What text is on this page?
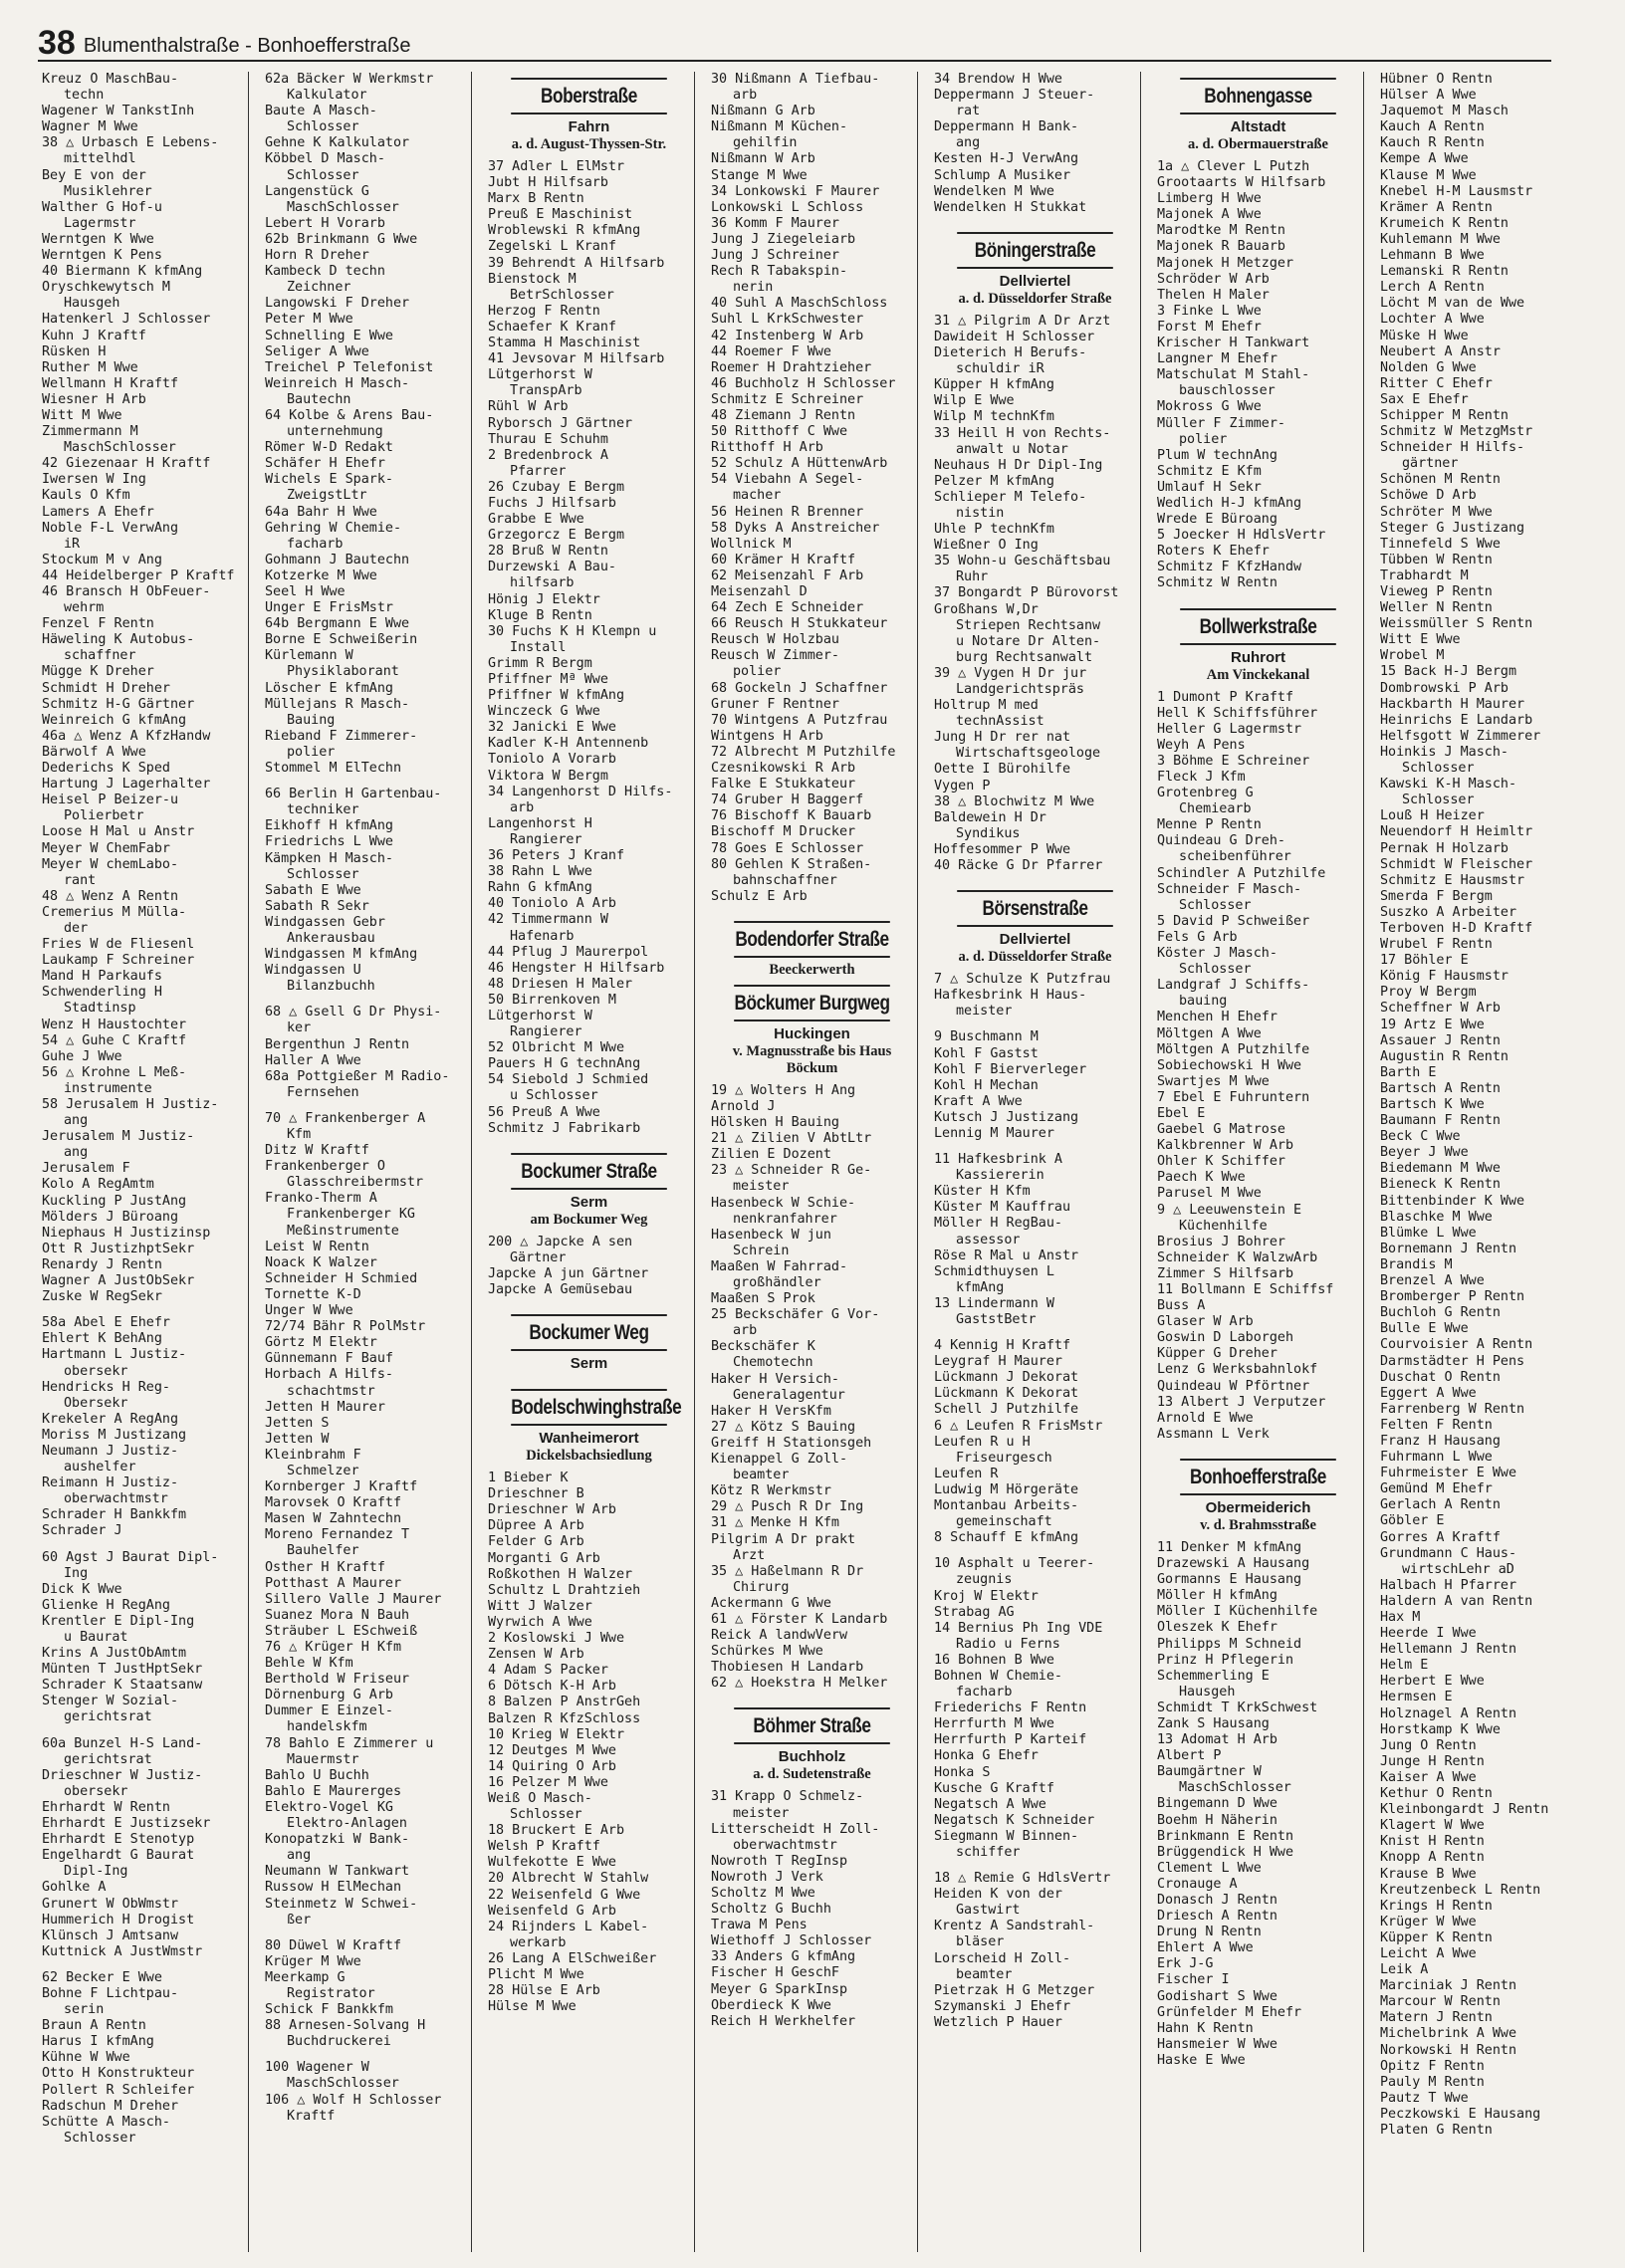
38 Blumenthalstraße - Bonhoefferstraße
Kreuz O MaschBau-
techn
Wagener W TankstInh
Wagner M Wwe
38 △ Urbasch E Lebens-
mittelhdl
Bey E von der
Musiklehrer
Walther G Hof-u
Lagermstr
Werntgen K Wwe
Werntgen K Pens
40 Biermann K kfmAng
Oryschkewytsch M
Hausgeh
Hatenkerl J Schlosser
Kuhn J Kraftf
Rüsken H
Ruther M Wwe
Wellmann H Kraftf
Wiesner H Arb
Witt M Wwe
Zimmermann M
MaschSchlosser
42 Giezenaar H Kraftf
Iwersen W Ing
Kauls O Kfm
Lamers A Ehefr
Noble F-L VerwAng
iR
Stockum M v Ang
44 Heidelberger P Kraftf
46 Bransch H ObFeuer-
wehrm
Fenzel F Rentn
Häweling K Autobus-
schaffner
Mügge K Dreher
Schmidt H Dreher
Schmitz H-G Gärtner
Weinreich G kfmAng
46a △ Wenz A KfzHandw
Bärwolf A Wwe
Dederichs K Sped
Hartung J Lagerhalter
Heisel P Beizer-u
Polierbetr
Loose H Mal u Anstr
Meyer W ChemFabr
Meyer W chemLabo-
rant
48 △ Wenz A Rentn
Cremerius M Mülla-
der
Fries W de Fliesenl
Laukamp F Schreiner
Mand H Parkaufs
Schwenderling H
Stadtinsp
Wenz H Haustochter
54 △ Guhe C Kraftf
Guhe J Wwe
56 △ Krohne L Meß-
instrumente
58 Jerusalem H Justiz-
ang
Jerusalem M Justiz-
ang
Jerusalem F
Kolo A RegAmtm
Kuckling P JustAng
Mölders J Büroang
Niephaus H Justizinsp
Ott R JustizhptSekr
Renardy J Rentn
Wagner A JustObSekr
Zuske W RegSekr
58a Abel E Ehefr
Ehlert K BehAng
Hartmann L Justiz-
obersekr
Hendricks H Reg-
Obersekr
Krekeler A RegAng
Moriss M Justizang
Neumann J Justiz-
aushelfer
Reimann H Justiz-
oberwachtmstr
Schrader H Bankkfm
Schrader J
60 Agst J Baurat Dipl-
Ing
Dick K Wwe
Glienke H RegAng
Krentler E Dipl-Ing
u Baurat
Krins A JustObAmtm
Münten T JustHptSekr
Schrader K Staatsanw
Stenger W Sozial-
gerichtsrat
60a Bunzel H-S Land-
gerichtsrat
Drieschner W Justiz-
obersekr
Ehrhardt W Rentn
Ehrhardt E Justizsekr
Ehrhardt E Stenotyp
Engelhardt G Baurat
Dipl-Ing
Gohlke A
Grunert W ObWmstr
Hummerich H Drogist
Klünsch J Amtsanw
Kuttnick A JustWmstr
62 Becker E Wwe
Bohne F Lichtpau-
serin
Braun A Rentn
Harus I kfmAng
Kühne W Wwe
Otto H Konstrukteur
Pollert R Schleifer
Radschun M Dreher
Schütte A Masch-
Schlosser
62a Bäcker W Werkmstr
Kalkulator
Baute A Masch-
Schlosser
Gehne K Kalkulator
Köbbel D Masch-
Schlosser
Langenstück G
MaschSchlosser
Lebert H Vorarb
62b Brinkmann G Wwe
Horn R Dreher
Kambeck D techn
Zeichner
Langowski F Dreher
Peter M Wwe
Schnelling E Wwe
Seliger A Wwe
Treichel P Telefonist
Weinreich H Masch-
Bautechn
64 Kolbe & Arens Bau-
unternehmung
Römer W-D Redakt
Schäfer H Ehefr
Wichels E Spark-
ZweigstLtr
64a Bahr H Wwe
Gehring W Chemie-
facharb
Gohmann J Bautechn
Kotzerke M Wwe
Seel H Wwe
Unger E FrisMstr
64b Bergmann E Wwe
Borne E Schweißerin
Kürlemann W
Physiklaborant
Löscher E kfmAng
Müllejans R Masch-
Bauing
Rieband F Zimmerer-
polier
Stommel M ElTechn
66 Berlin H Gartenbau-
techniker
Eikhoff H kfmAng
Friedrichs L Wwe
Kämpken H Masch-
Schlosser
Sabath E Wwe
Sabath R Sekr
Windgassen Gebr
Ankerausbau
Windgassen M kfmAng
Windgassen U
Bilanzbuchh
68 △ Gsell G Dr Physi-
ker
Bergenthun J Rentn
Haller A Wwe
68a Pottgießer M Radio-
Fernsehen
70 △ Frankenberger A
Kfm
Ditz W Kraftf
Frankenberger O
Glasschreibermstr
Franko-Therm A
Frankenberger KG
Meßinstrumente
Leist W Rentn
Noack K Walzer
Schneider H Schmied
Tornette K-D
Unger W Wwe
72/74 Bähr R PolMstr
Görtz M Elektr
Günnemann F Bauf
Horbach A Hilfs-
schachtmstr
Jetten H Maurer
Jetten S
Jetten W
Kleinbrahm F
Schmelzer
Kornberger J Kraftf
Marovsek O Kraftf
Masen W Zahntechn
Moreno Fernandez T
Bauhelfer
Osther H Kraftf
Potthast A Maurer
Sillero Valle J Maurer
Suanez Mora N Bauh
Sträuber L ESchweiß
76 △ Krüger H Kfm
Behle W Kfm
Berthold W Friseur
Dörnenburg G Arb
Dummer E Einzel-
handelskfm
78 Bahlo E Zimmerer u
Mauermstr
Bahlo U Buchh
Bahlo E Maurerges
Elektro-Vogel KG
Elektro-Anlagen
Konopatzki W Bank-
ang
Neumann W Tankwart
Russow H ElMechan
Steinmetz W Schwei-
ßer
80 Düwel W Kraftf
Krüger M Wwe
Meerkamp G
Registrator
Schick F Bankkfm
88 Arnesen-Solvang H
Buchdruckerei
100 Wagener W
MaschSchlosser
106 △ Wolf H Schlosser
Kraftf
Boberstraße
Fahrn
a. d. August-Thyssen-Str.
37 Adler L ElMstr
Jubt H Hilfsarb
Marx B Rentn
Preuß E Maschinist
Wroblewski R kfmAng
Zegelski L Kranf
39 Behrendt A Hilfsarb
Bienstock M
BetrSchlosser
Herzog F Rentn
Schaefer K Kranf
Stamma H Maschinist
41 Jevsovar M Hilfsarb
Lütgerhorst W
TranspArb
Rühl W Arb
Ryborsch J Gärtner
Thurau E Schuhm
2 Bredenbrock A
Pfarrer
26 Czubay E Bergm
Fuchs J Hilfsarb
Grabbe E Wwe
Grzegorcz E Bergm
28 Bruß W Rentn
Durzewski A Bau-
hilfsarb
Hönig J Elektr
Kluge B Rentn
30 Fuchs K H Klempn u
Install
Grimm R Bergm
Pfiffner Mª Wwe
Pfiffner W kfmAng
Winczeck G Wwe
32 Janicki E Wwe
Kadler K-H Antennenb
Toniolo A Vorarb
Viktora W Bergm
34 Langenhorst D Hilfs-
arb
Langenhorst H
Rangierer
36 Peters J Kranf
38 Rahn L Wwe
Rahn G kfmAng
40 Toniolo A Arb
42 Timmermann W
Hafenarb
44 Pflug J Maurerpol
46 Hengster H Hilfsarb
48 Driesen H Maler
50 Birrenkoven M
Lütgerhorst W
Rangierer
52 Olbricht M Wwe
Pauers H G technAng
54 Siebold J Schmied
u Schlosser
56 Preuß A Wwe
Schmitz J Fabrikarb
Bockumer Straße
Serm
am Bockumer Weg
200 △ Japcke A sen
Gärtner
Japcke A jun Gärtner
Japcke A Gemüsebau
Bockumer Weg
Serm
Bodelschwinghstraße
Wanheimerort
Dickelsbachsiedlung
1 Bieber K
Drieschner B
Drieschner W Arb
Düpree A Arb
Felder G Arb
Morganti G Arb
Roßkothen H Walzer
Schultz L Drahtzieh
Witt J Walzer
Wyrwich A Wwe
2 Koslowski J Wwe
Zensen W Arb
4 Adam S Packer
6 Dötsch K-H Arb
8 Balzen P AnstrGeh
Balzen R KfzSchloss
10 Krieg W Elektr
12 Deutges M Wwe
14 Quiring O Arb
16 Pelzer M Wwe
Weiß O Masch-
Schlosser
18 Bruckert E Arb
Welsh P Kraftf
Wulfekotte E Wwe
20 Albrecht W Stahlw
22 Weisenfeld G Wwe
Weisenfeld G Arb
24 Rijnders L Kabel-
werkarb
26 Lang A ElSchweißer
Plicht M Wwe
28 Hülse E Arb
Hülse M Wwe
30 Nißmann A Tiefbau-
arb
Nißmann G Arb
Nißmann M Küchen-
gehilfin
Nißmann W Arb
Stange M Wwe
34 Lonkowski F Maurer
Lonkowski L Schloss
36 Komm F Maurer
Jung J Ziegeleiarb
Jung J Schreiner
Rech R Tabakspin-
nerin
40 Suhl A MaschSchloss
Suhl L KrkSchwester
42 Instenberg W Arb
44 Roemer F Wwe
Roemer H Drahtzieher
46 Buchholz H Schlosser
Schmitz E Schreiner
48 Ziemann J Rentn
50 Ritthoff C Wwe
Ritthoff H Arb
52 Schulz A HüttenwArb
54 Viebahn A Segel-
macher
56 Heinen R Brenner
58 Dyks A Anstreicher
Wollnick M
60 Krämer H Kraftf
62 Meisenzahl F Arb
Meisenzahl D
64 Zech E Schneider
66 Reusch H Stukkateur
Reusch W Holzbau
Reusch W Zimmer-
polier
68 Gockeln J Schaffner
Gruner F Rentner
70 Wintgens A Putzfrau
Wintgens H Arb
72 Albrecht M Putzhilfe
Czesnikowski R Arb
Falke E Stukkateur
74 Gruber H Baggerf
76 Bischoff K Bauarb
Bischoff M Drucker
78 Goes E Schlosser
80 Gehlen K Straßen-
bahnschaffner
Schulz E Arb
Bodendorfer Straße
Beeckerwerth
Böckumer Burgweg
Huckingen
v. Magnusstraße bis Haus Böckum
19 △ Wolters H Ang
Arnold J
Hölsken H Bauing
21 △ Zilien V AbtLtr
Zilien E Dozent
23 △ Schneider R Ge-
meister
Hasenbeck W Schie-
nenkranfahrer
Hasenbeck W jun
Schrein
Maaßen W Fahrrad-
großhändler
Maaßen S Prok
25 Beckschäfer G Vor-
arb
Beckschäfer K
Chemotechn
Haker H Versich-
Generalagentur
Haker H VersKfm
27 △ Kötz S Bauing
Greiff H Stationsgeh
Kienappel G Zoll-
beamter
Kötz R Werkmstr
29 △ Pusch R Dr Ing
31 △ Menke H Kfm
Pilgrim A Dr prakt
Arzt
35 △ Haßelmann R Dr
Chirurg
Ackermann G Wwe
61 △ Förster K Landarb
Reick A landwVerw
Schürkes M Wwe
Thobiesen H Landarb
62 △ Hoekstra H Melker
Böhmer Straße
Buchholz
a. d. Sudetenstraße
31 Krapp O Schmelz-
meister
Litterscheidt H Zoll-
oberwachtmstr
Nowroth T RegInsp
Nowroth J Verk
Scholtz M Wwe
Scholtz G Buchh
Trawa M Pens
Wiethoff J Schlosser
33 Anders G kfmAng
Fischer H GeschF
Meyer G SparkInsp
Oberdieck K Wwe
Reich H Werkhelfer
34 Brendow H Wwe
Deppermann J Steuer-
rat
Deppermann H Bank-
ang
Kesten H-J VerwAng
Schlump A Musiker
Wendelken M Wwe
Wendelken H Stukkat
Böningerstraße
Dellviertel
a. d. Düsseldorfer Straße
31 △ Pilgrim A Dr Arzt
Dawideit H Schlosser
Dieterich H Berufs-
schuldir iR
Küpper H kfmAng
Wilp E Wwe
Wilp M technKfm
33 Heill H von Rechts-
anwalt u Notar
Neuhaus H Dr Dipl-Ing
Pelzer M kfmAng
Schlieper M Telefo-
nistin
Uhle P technKfm
Wießner O Ing
35 Wohn-u Geschäftsbau
Ruhr
37 Bongardt P Bürovorst
Großhans W,Dr
Striepen Rechtsanw
u Notare Dr Alten-
burg Rechtsanwalt
39 △ Vygen H Dr jur
Landgerichtspräs
Holtrup M med
technAssist
Jung H Dr rer nat
Wirtschaftsgeologe
Oette I Bürohilfe
Vygen P
38 △ Blochwitz M Wwe
Baldewein H Dr
Syndikus
Hoffesommer P Wwe
40 Räcke G Dr Pfarrer
Börsenstraße
Dellviertel
a. d. Düsseldorfer Straße
7 △ Schulze K Putzfrau
Hafkesbrink H Haus-
meister
9 Buschmann M
Kohl F Gastst
Kohl F Bierverleger
Kohl H Mechan
Kraft A Wwe
Kutsch J Justizang
Lennig M Maurer
11 Hafkesbrink A
Kassiererin
Küster H Kfm
Küster M Kauffrau
Möller H RegBau-
assessor
Röse R Mal u Anstr
Schmidthuysen L
kfmAng
13 Lindermann W
GaststBetr
4 Kennig H Kraftf
Leygraf H Maurer
Lückmann J Dekorat
Lückmann K Dekorat
Schell J Putzhilfe
6 △ Leufen R FrisMstr
Leufen R u H
Friseurgesch
Leufen R
Ludwig M Hörgeräte
Montanbau Arbeits-
gemeinschaft
8 Schauff E kfmAng
10 Asphalt u Teerer-
zeugnis
Kroj W Elektr
Strabag AG
14 Bernius Ph Ing VDE
Radio u Ferns
16 Bohnen B Wwe
Bohnen W Chemie-
facharb
Friederichs F Rentn
Herrfurth M Wwe
Herrfurth P Karteif
Honka G Ehefr
Honka S
Kusche G Kraftf
Negatsch A Wwe
Negatsch K Schneider
Siegmann W Binnen-
schiffer
18 △ Remie G HdlsVertr
Heiden K von der
Gastwirt
Krentz A Sandstrahl-
bläser
Lorscheid H Zoll-
beamter
Pietrzak H G Metzger
Szymanski J Ehefr
Wetzlich P Hauer
Bohnengasse
Altstadt
a. d. Obermauerstraße
1a △ Clever L Putzh
Grootaarts W Hilfsarb
Limberg H Wwe
Majonek A Wwe
Marodtke M Rentn
Majonek R Bauarb
Majonek H Metzger
Schröder W Arb
Thelen H Maler
3 Finke L Wwe
Forst M Ehefr
Krischer H Tankwart
Langner M Ehefr
Matschulat M Stahl-
bauschlosser
Mokross G Wwe
Müller F Zimmer-
polier
Plum W technAng
Schmitz E Kfm
Umlauf H Sekr
Wedlich H-J kfmAng
Wrede E Büroang
5 Joecker H HdlsVertr
Roters K Ehefr
Schmitz F KfzHandw
Schmitz W Rentn
Bollwerkstraße
Ruhrort
Am Vinckekanal
1 Dumont P Kraftf
Hell K Schiffsführer
Heller G Lagermstr
Weyh A Pens
3 Böhme E Schreiner
Fleck J Kfm
Grotenbreg G
Chemiearb
Menne P Rentn
Quindeau G Dreh-
scheibenführer
Schindler A Putzhilfe
Schneider F Masch-
Schlosser
5 David P Schweißer
Fels G Arb
Köster J Masch-
Schlosser
Landgraf J Schiffs-
bauing
Menchen H Ehefr
Möltgen A Wwe
Möltgen A Putzhilfe
Sobiechowski H Wwe
Swartjes M Wwe
7 Ebel E Fuhruntern
Ebel E
Gaebel G Matrose
Kalkbrenner W Arb
Ohler K Schiffer
Paech K Wwe
Parusel M Wwe
9 △ Leeuwenstein E
Küchenhilfe
Brosius J Bohrer
Schneider K WalzwArb
Zimmer S Hilfsarb
11 Bollmann E Schiffsf
Buss A
Glaser W Arb
Goswin D Laborgeh
Küpper G Dreher
Lenz G Werksbahnlokf
Quindeau W Pförtner
13 Albert J Verputzer
Arnold E Wwe
Assmann L Verk
Bonhoefferstraße
Obermeiderich
v. d. Brahmsstraße
11 Denker M kfmAng
Drazewski A Hausang
Gormanns E Hausang
Möller H kfmAng
Möller I Küchenhilfe
Oleszek K Ehefr
Philipps M Schneid
Prinz H Pflegerin
Schemmerling E
Hausgeh
Schmidt T KrkSchwest
Zank S Hausang
13 Adomat H Arb
Albert P
Baumgärtner W
MaschSchlosser
Bingemann D Wwe
Boehm H Näherin
Brinkmann E Rentn
Brüggendick H Wwe
Clement L Wwe
Cronauge A
Donasch J Rentn
Driesch A Rentn
Drung N Rentn
Ehlert A Wwe
Erk J-G
Fischer I
Godishart S Wwe
Grünfelder M Ehefr
Hahn K Rentn
Hansmeier W Wwe
Haske E Wwe
Hübner O Rentn
Hülser A Wwe
Jaquemot M Masch
Kauch A Rentn
Kauch R Rentn
Kempe A Wwe
Klause M Wwe
Knebel H-M Lausmstr
Krämer A Rentn
Krumeich K Rentn
Kuhlemann M Wwe
Lehmann B Wwe
Lemanski R Rentn
Lerch A Rentn
Löcht M van de Wwe
Lochter A Wwe
Müske H Wwe
Neubert A Anstr
Nolden G Wwe
Ritter C Ehefr
Sax E Ehefr
Schipper M Rentn
Schmitz W MetzgMstr
Schneider H Hilfs-
gärtner
Schönen M Rentn
Schöwe D Arb
Schröter M Wwe
Steger G Justizang
Tinnefeld S Wwe
Tübben W Rentn
Trabhardt M
Vieweg P Rentn
Weller N Rentn
Weissmüller S Rentn
Witt E Wwe
Wrobel M
15 Back H-J Bergm
Dombrowski P Arb
Hackbarth H Maurer
Heinrichs E Landarb
Helfsgott W Zimmerer
Hoinkis J Masch-
Schlosser
Kawski K-H Masch-
Schlosser
Louß H Heizer
Neuendorf H Heimltr
Pernak H Holzarb
Schmidt W Fleischer
Schmitz E Hausmstr
Smerda F Bergm
Suszko A Arbeiter
Terboven H-D Kraftf
Wrubel F Rentn
17 Böhler E
König F Hausmstr
Proy W Bergm
Scheffner W Arb
19 Artz E Wwe
Assauer J Rentn
Augustin R Rentn
Barth E
Bartsch A Rentn
Bartsch K Wwe
Baumann F Rentn
Beck C Wwe
Beyer J Wwe
Biedemann M Wwe
Bieneck K Rentn
Bittenbinder K Wwe
Blaschke M Wwe
Blümke L Wwe
Bornemann J Rentn
Brandis M
Brenzel A Wwe
Bromberger P Rentn
Buchloh G Rentn
Bulle E Wwe
Courvoisier A Rentn
Darmstädter H Pens
Duschat O Rentn
Eggert A Wwe
Farrenberg W Rentn
Felten F Rentn
Franz H Hausang
Fuhrmann L Wwe
Fuhrmeister E Wwe
Gemünd M Ehefr
Gerlach A Rentn
Göbler E
Gorres A Kraftf
Grundmann C Haus-
wirtschLehr aD
Halbach H Pfarrer
Haldern A van Rentn
Hax M
Heerde I Wwe
Hellemann J Rentn
Helm E
Herbert E Wwe
Hermsen E
Holznagel A Rentn
Horstkamp K Wwe
Jung O Rentn
Junge H Rentn
Kaiser A Wwe
Kethur O Rentn
Kleinbongardt J Rentn
Klagert W Wwe
Knist H Rentn
Knopp A Rentn
Krause B Wwe
Kreutzenbeck L Rentn
Krings H Rentn
Krüger W Wwe
Küpper K Rentn
Leicht A Wwe
Leik A
Marciniak J Rentn
Marcour W Rentn
Matern J Rentn
Michelbrink A Wwe
Norkowski H Rentn
Opitz F Rentn
Pauly M Rentn
Pautz T Wwe
Peczkowski E Hausang
Platen G Rentn
